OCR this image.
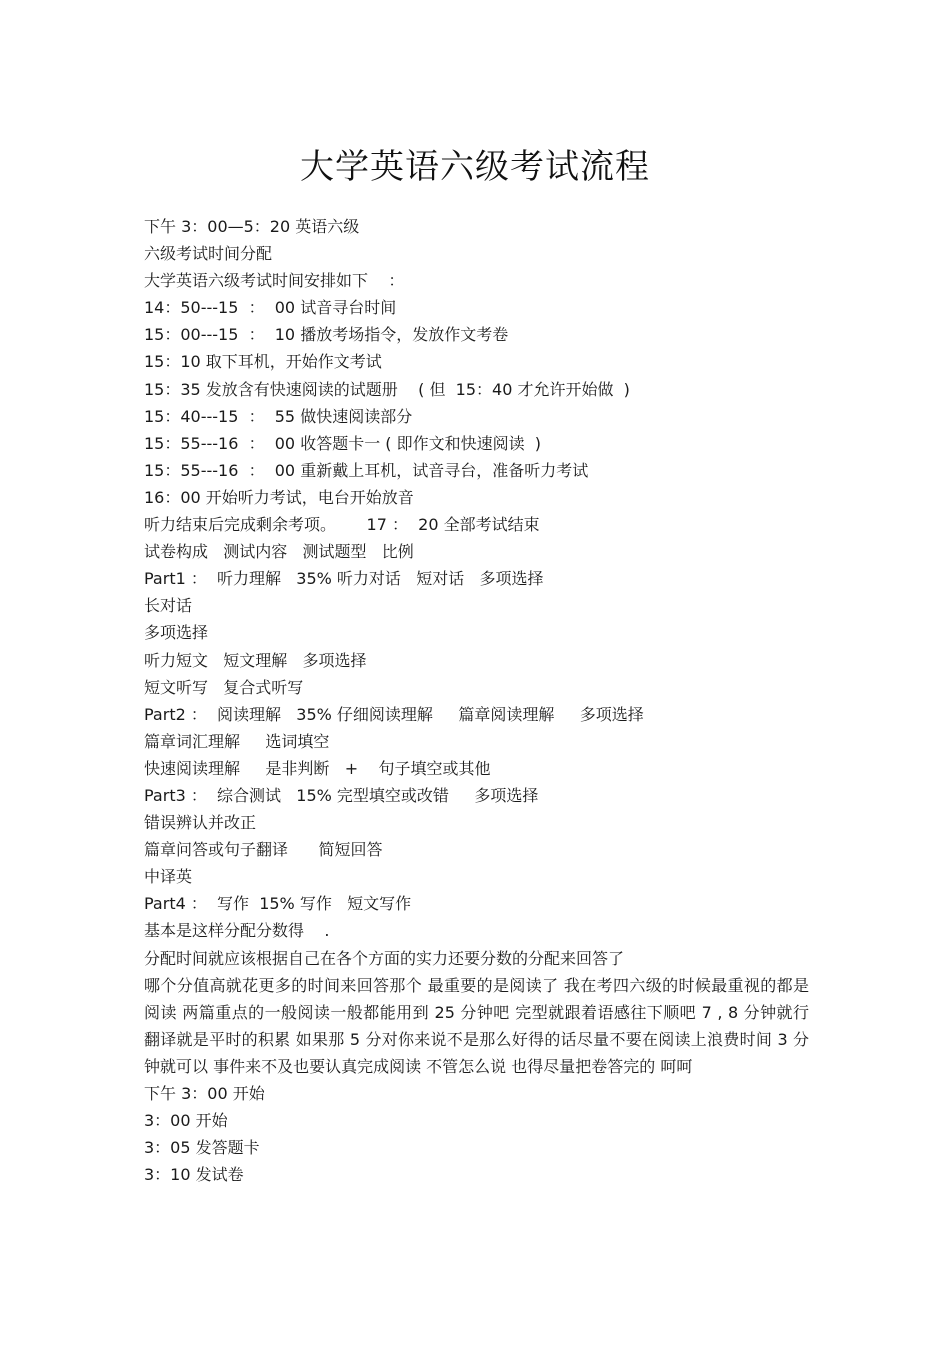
大学英语六级考试流程
下午 3：00—5：20 英语六级
六级考试时间分配
大学英语六级考试时间安排如下    ：
14：50---15  ：  00 试音寻台时间
15：00---15  ：  10 播放考场指令，发放作文考卷
15：10 取下耳机，开始作文考试
15：35 发放含有快速阅读的试题册    ( 但  15：40 才允许开始做  )
15：40---15  ：  55 做快速阅读部分
15：55---16  ：  00 收答题卡一 ( 即作文和快速阅读  )
15：55---16  ：  00 重新戴上耳机，试音寻台，准备听力考试
16：00 开始听力考试，电台开始放音
听力结束后完成剩余考项。      17 ：  20 全部考试结束
试卷构成   测试内容   测试题型   比例
Part1 ：  听力理解   35% 听力对话   短对话   多项选择
长对话
多项选择
听力短文   短文理解   多项选择
短文听写   复合式听写
Part2 ：  阅读理解   35% 仔细阅读理解     篇章阅读理解     多项选择
篇章词汇理解     选词填空
快速阅读理解     是非判断   +    句子填空或其他
Part3 ：  综合测试   15% 完型填空或改错     多项选择
错误辨认并改正
篇章问答或句子翻译      简短回答
中译英
Part4 ：  写作  15% 写作   短文写作
基本是这样分配分数得    .
分配时间就应该根据自己在各个方面的实力还要分数的分配来回答了
哪个分值高就花更多的时间来回答那个 最重要的是阅读了 我在考四六级的时候最重视的都是阅读 两篇重点的一般阅读一般都能用到 25 分钟吧 完型就跟着语感往下顺吧 7 , 8 分钟就行 翻译就是平时的积累 如果那 5 分对你来说不是那么好得的话尽量不要在阅读上浪费时间 3 分钟就可以 事件来不及也要认真完成阅读 不管怎么说 也得尽量把卷答完的 呵呵
下午 3：00 开始
3：00 开始
3：05 发答题卡
3：10 发试卷
